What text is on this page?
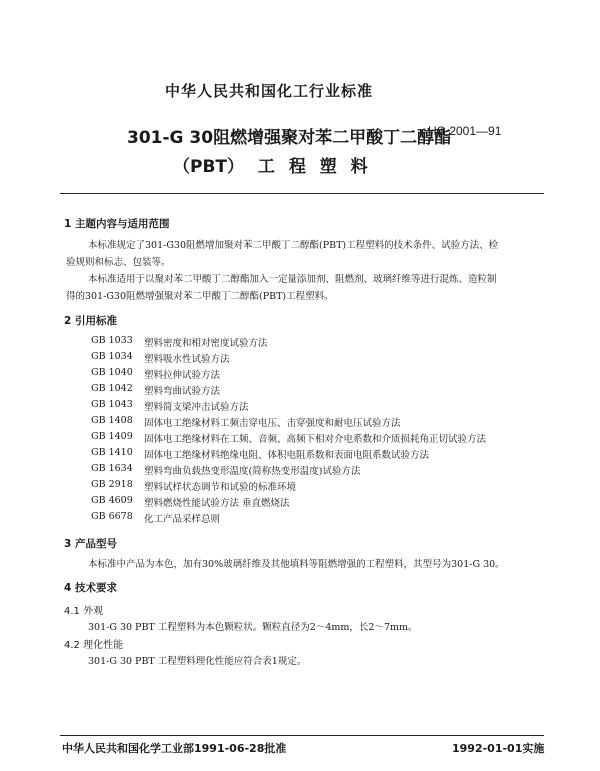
中华人民共和国化工行业标准
301-G 30阻燃增强聚对苯二甲酸丁二醇酯
（PBT） 工 程 塑 料
HG 2001—91
1 主题内容与适用范围
本标准规定了301-G30阻燃增加聚对苯二甲酸丁二醇酯(PBT)工程塑料的技术条件、试验方法、检
验规则和标志、包装等。
本标准适用于以聚对苯二甲酸丁二醇酯加入一定量添加剂、阻燃剂、玻璃纤维等进行混炼、造粒制
得的301-G30阻燃增强聚对苯二甲酸丁二醇酯(PBT)工程塑料。
2 引用标准
GB 1033 塑料密度和相对密度试验方法
GB 1034 塑料吸水性试验方法
GB 1040 塑料拉伸试验方法
GB 1042 塑料弯曲试验方法
GB 1043 塑料简支梁冲击试验方法
GB 1408 固体电工绝缘材料工频击穿电压、击穿强度和耐电压试验方法
GB 1409 固体电工绝缘材料在工频、音频、高频下相对介电系数和介质损耗角正切试验方法
GB 1410 固体电工绝缘材料绝缘电阻、体积电阻系数和表面电阻系数试验方法
GB 1634 塑料弯曲负载热变形温度(简称热变形温度)试验方法
GB 2918 塑料试样状态调节和试验的标准环境
GB 4609 塑料燃烧性能试验方法 垂直燃烧法
GB 6678 化工产品采样总则
3 产品型号
本标准中产品为本色，加有30%玻璃纤维及其他填料等阻燃增强的工程塑料，其型号为301-G 30。
4 技术要求
4.1 外观
301-G 30 PBT 工程塑料为本色颗粒状。颗粒直径为2～4mm，长2～7mm。
4.2 理化性能
301-G 30 PBT 工程塑料理化性能应符合表1规定。
中华人民共和国化学工业部1991-06-28批准	1992-01-01实施
